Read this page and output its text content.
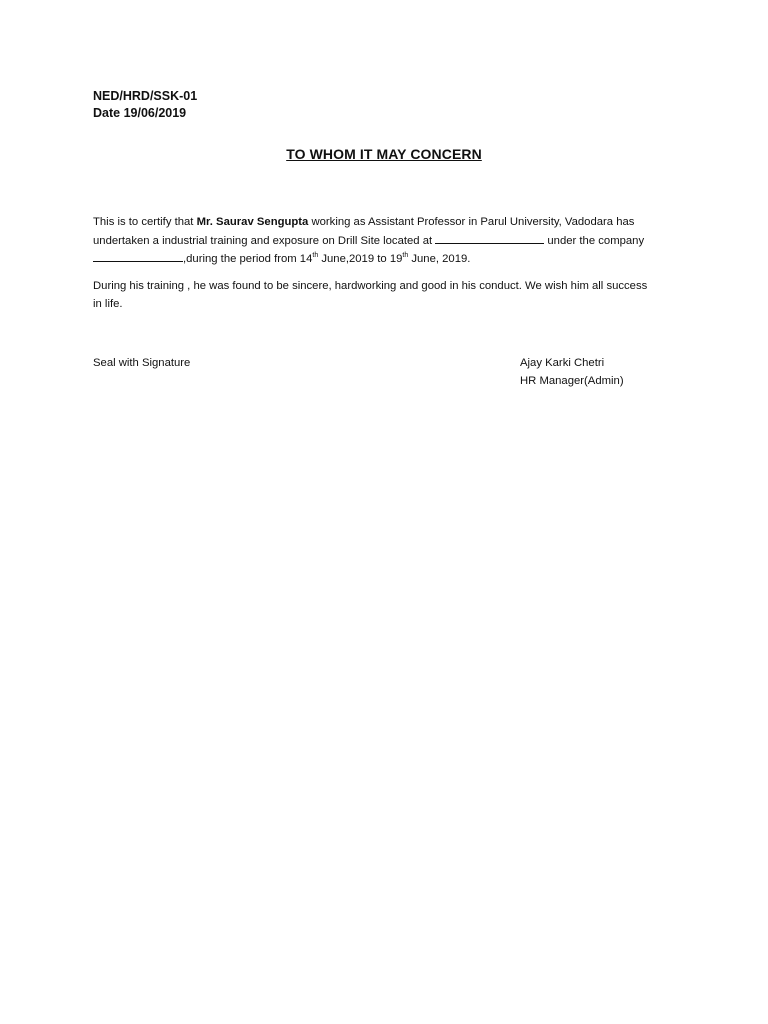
NED/HRD/SSK-01
Date 19/06/2019
TO WHOM IT MAY CONCERN
This is to certify that Mr. Saurav Sengupta working as Assistant Professor in Parul University, Vadodara has
undertaken a industrial training and exposure on Drill Site located at	under the company
,during the period from 14th June,2019 to 19th June, 2019.
During his training , he was found to be sincere, hardworking and good in his conduct. We wish him all success
in life.
Seal with Signature	Ajay Karki Chetri
HR Manager(Admin)
